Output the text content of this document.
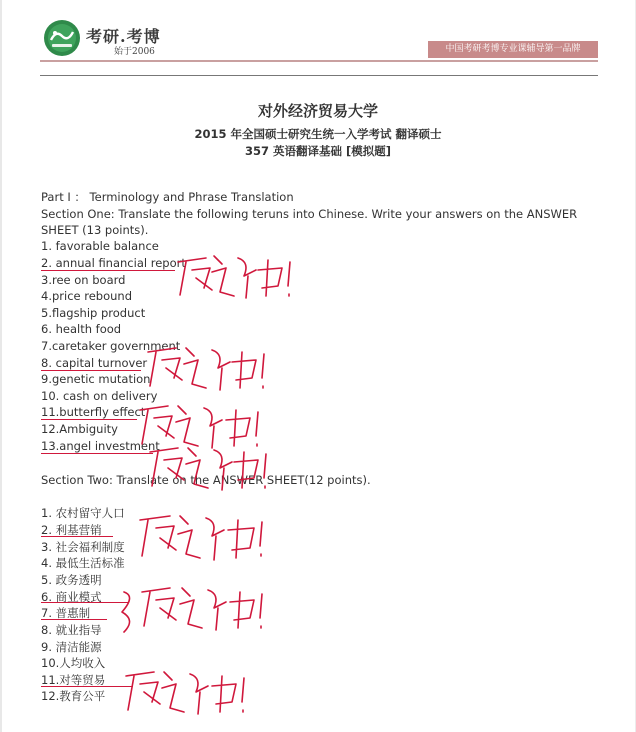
考研.考博
始于2006	中国考研考博专业课辅导第一品牌
对外经济贸易大学
2015 年全国硕士研究生统一入学考试 翻译硕士
357 英语翻译基础 [模拟题]
Part I ： Terminology and Phrase Translation
Section One: Translate the following teruns into Chinese. Write your answers on the ANSWER SHEET (13 points).
1. favorable balance
2. annual financial report
3.ree on board
4.price rebound
5.flagship product
6. health food
7.caretaker government
8. capital turnover
9.genetic mutation
10. cash on delivery
11.butterfly effect
12.Ambiguity
13.angel investment
Section Two: Translate on the ANSWER SHEET(12 points).
1. 农村留守人口
2. 利基营销
3. 社会福利制度
4. 最低生活标准
5. 政务透明
6. 商业模式
7. 普惠制
8. 就业指导
9. 清洁能源
10.人均收入
11.对等贸易
12.教育公平
